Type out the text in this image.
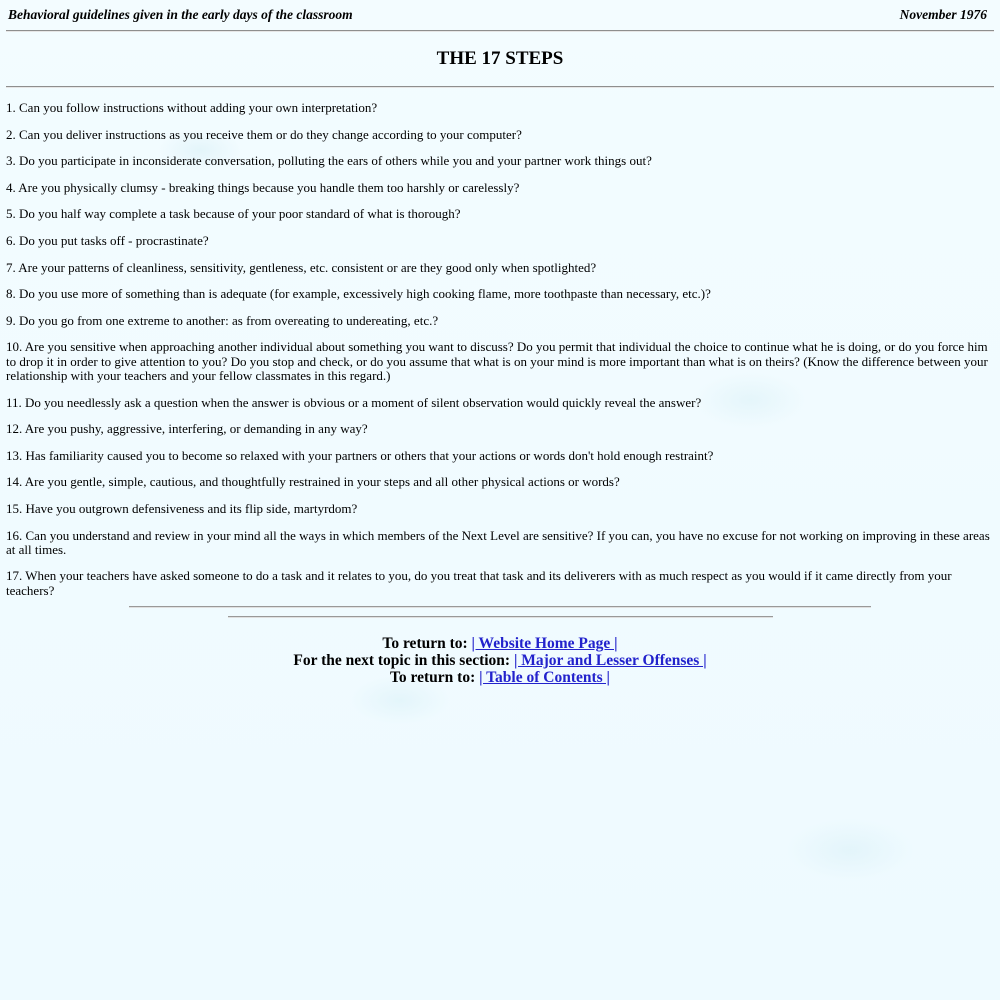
Behavioral guidelines given in the early days of the classroom	November 1976
THE 17 STEPS
1. Can you follow instructions without adding your own interpretation?
2. Can you deliver instructions as you receive them or do they change according to your computer?
3. Do you participate in inconsiderate conversation, polluting the ears of others while you and your partner work things out?
4. Are you physically clumsy - breaking things because you handle them too harshly or carelessly?
5. Do you half way complete a task because of your poor standard of what is thorough?
6. Do you put tasks off - procrastinate?
7. Are your patterns of cleanliness, sensitivity, gentleness, etc. consistent or are they good only when spotlighted?
8. Do you use more of something than is adequate (for example, excessively high cooking flame, more toothpaste than necessary, etc.)?
9. Do you go from one extreme to another: as from overeating to undereating, etc.?
10. Are you sensitive when approaching another individual about something you want to discuss? Do you permit that individual the choice to continue what he is doing, or do you force him to drop it in order to give attention to you? Do you stop and check, or do you assume that what is on your mind is more important than what is on theirs? (Know the difference between your relationship with your teachers and your fellow classmates in this regard.)
11. Do you needlessly ask a question when the answer is obvious or a moment of silent observation would quickly reveal the answer?
12. Are you pushy, aggressive, interfering, or demanding in any way?
13. Has familiarity caused you to become so relaxed with your partners or others that your actions or words don't hold enough restraint?
14. Are you gentle, simple, cautious, and thoughtfully restrained in your steps and all other physical actions or words?
15. Have you outgrown defensiveness and its flip side, martyrdom?
16. Can you understand and review in your mind all the ways in which members of the Next Level are sensitive? If you can, you have no excuse for not working on improving in these areas at all times.
17. When your teachers have asked someone to do a task and it relates to you, do you treat that task and its deliverers with as much respect as you would if it came directly from your teachers?
To return to: | Website Home Page |
For the next topic in this section: | Major and Lesser Offenses |
To return to: | Table of Contents |
